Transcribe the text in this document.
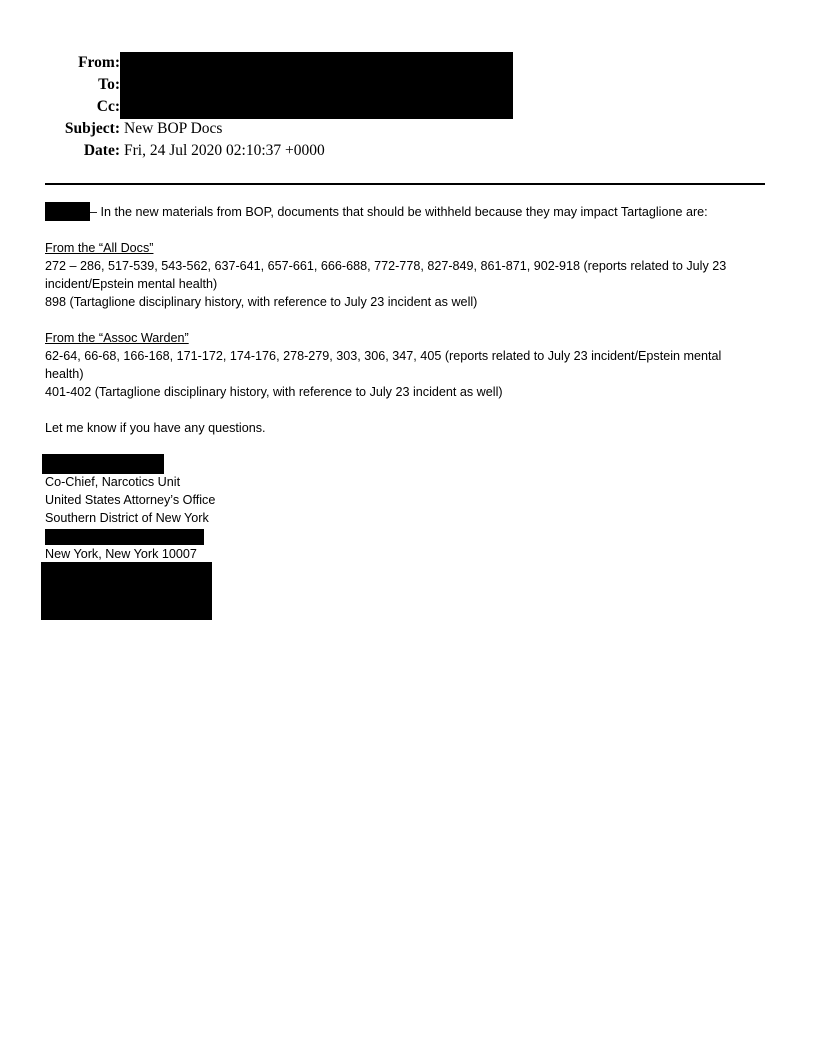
From:
To:
Cc:
Subject: New BOP Docs
Date: Fri, 24 Jul 2020 02:10:37 +0000
– In the new materials from BOP, documents that should be withheld because they may impact Tartaglione are:
From the “All Docs”
272 – 286, 517-539, 543-562, 637-641, 657-661, 666-688, 772-778, 827-849, 861-871, 902-918 (reports related to July 23
incident/Epstein mental health)
898 (Tartaglione disciplinary history, with reference to July 23 incident as well)
From the “Assoc Warden”
62-64, 66-68, 166-168, 171-172, 174-176, 278-279, 303, 306, 347, 405 (reports related to July 23 incident/Epstein mental
health)
401-402 (Tartaglione disciplinary history, with reference to July 23 incident as well)
Let me know if you have any questions.
Co-Chief, Narcotics Unit
United States Attorney’s Office
Southern District of New York
New York, New York 10007
